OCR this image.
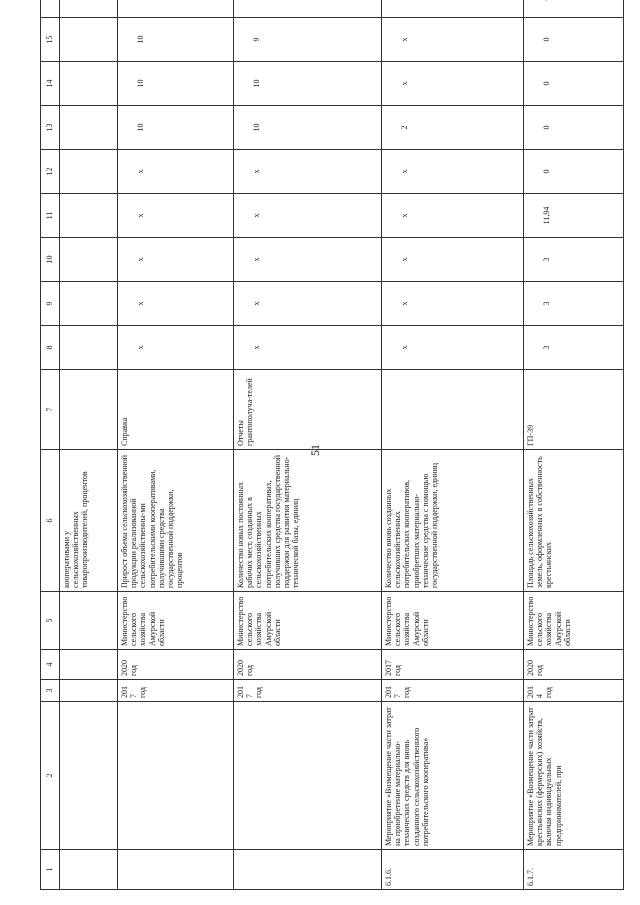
51
1	2	3	4	5	6	7	8	9	10	11	12	13	14	15	
					кооперативами у сельскохозяйственных товаропроизводителей, процентов										
		2017 год	2020 год	Министерство сельского хозяйства Амурской области	Прирост объема сельскохозяйственной продукции реализованной сельскохозяйственны-ми потребительскими кооперативами, получившими средства государственной поддержки, процентов	Справка	х	х	х	х	х	10	10	10	
		2017 год	2020 год	Министерство сельского хозяйства Амурской области	Количество новых постоянных рабочих мест, созданных в сельскохозяйственных потребительских кооперативах, получивших средства государственной поддержки для развития материально-технической базы, единиц	Отчеты грантополуча-телей	х	х	х	х	х	10	10	9	
6.1.6.	Мероприятие «Возмещение части затрат на приобретение материально-технических средств для вновь созданного сельскохозяйственного потребительского кооператива»	2017 год	2017 год	Министерство сельского хозяйства Амурской области	Количество вновь созданных сельскохозяйственных потребительских кооперативов, приобретших материально-технические средства с помощью государственной поддержки, единиц		х	х	х	х	х	2	х	х	
6.1.7.	Мероприятие «Возмещение части затрат крестьянских (фермерских) хозяйств, включая индивидуальных предпринимателей, при	2014 год	2020 год	Министерство сельского хозяйства Амурской области	Площадь сельскохозяйственных земель, оформленных в собственность крестьянских	ГП-39	3	3	3	11,94	0	0	0	0	
